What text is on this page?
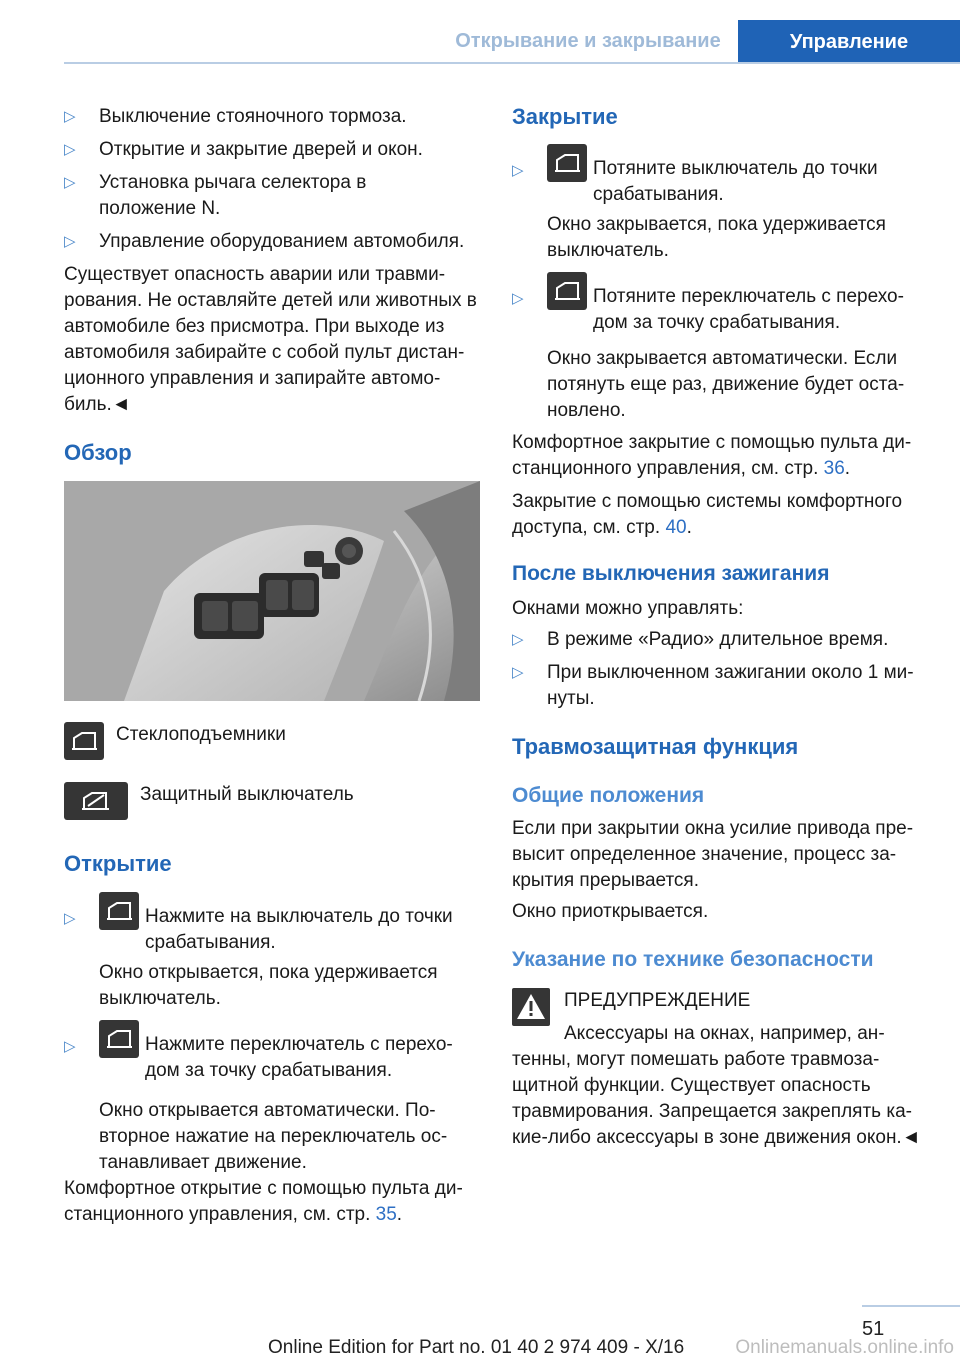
Открывание и закрывание	Управление
▷ Выключение стояночного тормоза.
▷ Открытие и закрытие дверей и окон.
▷ Установка рычага селектора в положение N.
▷ Управление оборудованием автомобиля.

Существует опасность аварии или травмирования. Не оставляйте детей или животных в автомобиле без присмотра. При выходе из автомобиля забирайте с собой пульт дистанционного управления и запирайте автомобиль.◄

Обзор
Стеклоподъемники
Защитный выключатель
Открытие
▷	Нажмите на выключатель до точки срабатывания.

Окно открывается, пока удерживается выключатель.

▷	Нажмите переключатель с переходом за точку срабатывания.

Окно открывается автоматически. Повторное нажатие на переключатель останавливает движение.

Комфортное открытие с помощью пульта дистанционного управления, см. стр. 35.

Закрытие
▷	Потяните выключатель до точки срабатывания.

Окно закрывается, пока удерживается выключатель.

▷	Потяните переключатель с переходом за точку срабатывания.

Окно закрывается автоматически. Если потянуть еще раз, движение будет остановлено.

Комфортное закрытие с помощью пульта дистанционного управления, см. стр. 36.

Закрытие с помощью системы комфортного доступа, см. стр. 40.

После выключения зажигания

Окнами можно управлять:

▷ В режиме «Радио» длительное время.
▷ При выключенном зажигании около 1 минуты.
Травмозащитная функция
Общие положения

Если при закрытии окна усилие привода превысит определенное значение, процесс закрытия прерывается.

Окно приоткрывается.

Указание по технике безопасности
ПРЕДУПРЕЖДЕНИЕ

Аксессуары на окнах, например, антенны, могут помешать работе травмозащитной функции. Существует опасность травмирования. Запрещается закреплять какие-либо аксессуары в зоне движения окон.◄

51
Online Edition for Part no. 01 40 2 974 409 - X/16	Onlinemanuals.online.info
